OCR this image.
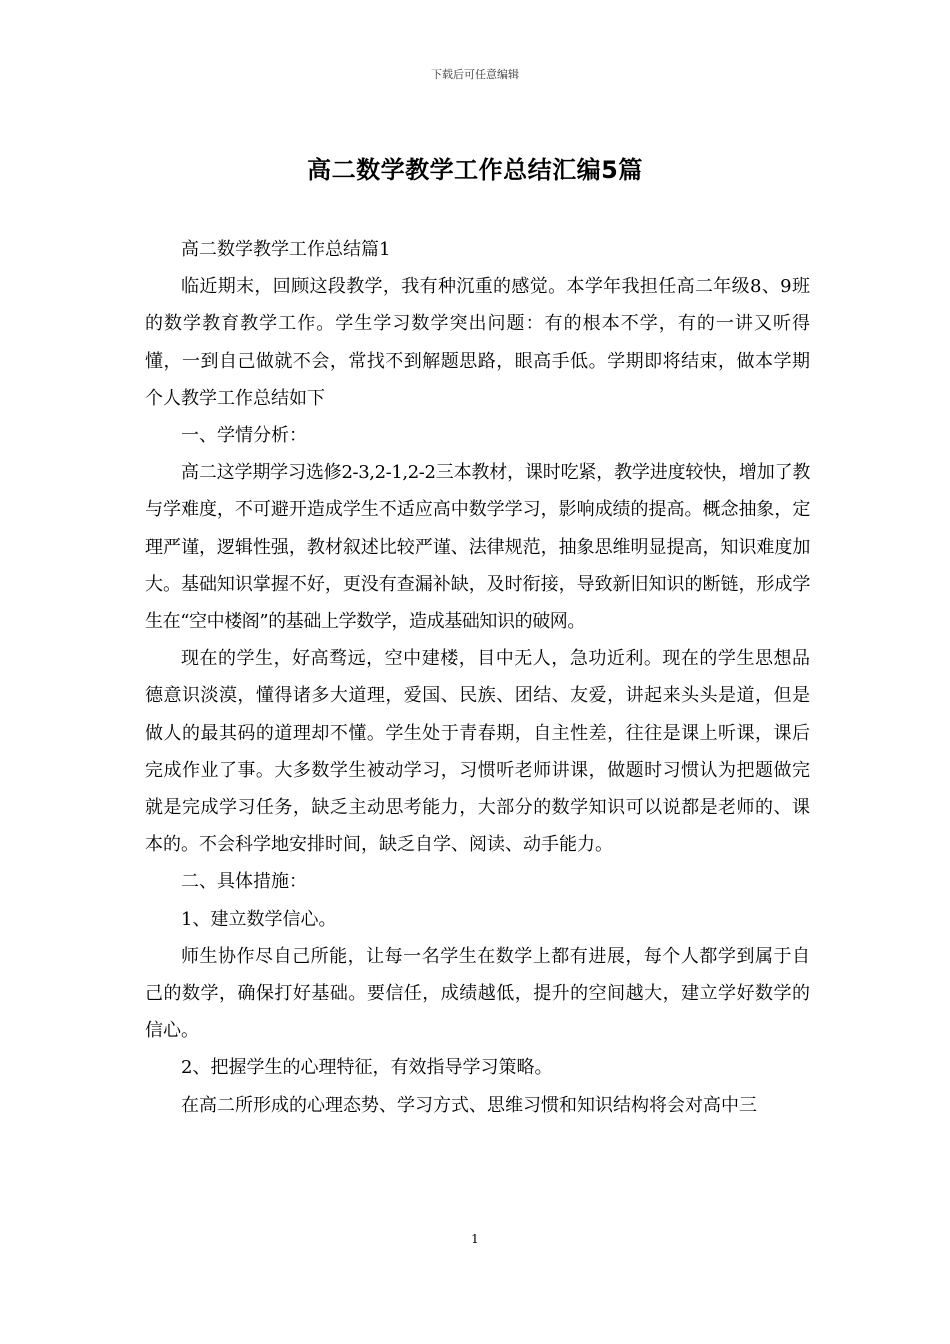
下载后可任意编辑
高二数学教学工作总结汇编5篇

高二数学教学工作总结篇1

临近期末，回顾这段教学，我有种沉重的感觉。本学年我担任高二年级8、9班的数学教育教学工作。学生学习数学突出问题：有的根本不学，有的一讲又听得懂，一到自己做就不会，常找不到解题思路，眼高手低。学期即将结束，做本学期个人教学工作总结如下

一、学情分析：

高二这学期学习选修2-3,2-1,2-2三本教材，课时吃紧，教学进度较快，增加了教与学难度，不可避开造成学生不适应高中数学学习，影响成绩的提高。概念抽象，定理严谨，逻辑性强，教材叙述比较严谨、法律规范，抽象思维明显提高，知识难度加大。基础知识掌握不好，更没有查漏补缺，及时衔接，导致新旧知识的断链，形成学生在“空中楼阁”的基础上学数学，造成基础知识的破网。

现在的学生，好高骛远，空中建楼，目中无人，急功近利。现在的学生思想品德意识淡漠，懂得诸多大道理，爱国、民族、团结、友爱，讲起来头头是道，但是做人的最其码的道理却不懂。学生处于青春期，自主性差，往往是课上听课，课后完成作业了事。大多数学生被动学习，习惯听老师讲课，做题时习惯认为把题做完就是完成学习任务，缺乏主动思考能力，大部分的数学知识可以说都是老师的、课本的。不会科学地安排时间，缺乏自学、阅读、动手能力。

二、具体措施：

1、建立数学信心。

师生协作尽自己所能，让每一名学生在数学上都有进展，每个人都学到属于自己的数学，确保打好基础。要信任，成绩越低，提升的空间越大，建立学好数学的信心。

2、把握学生的心理特征，有效指导学习策略。

在高二所形成的心理态势、学习方式、思维习惯和知识结构将会对高中三

1
